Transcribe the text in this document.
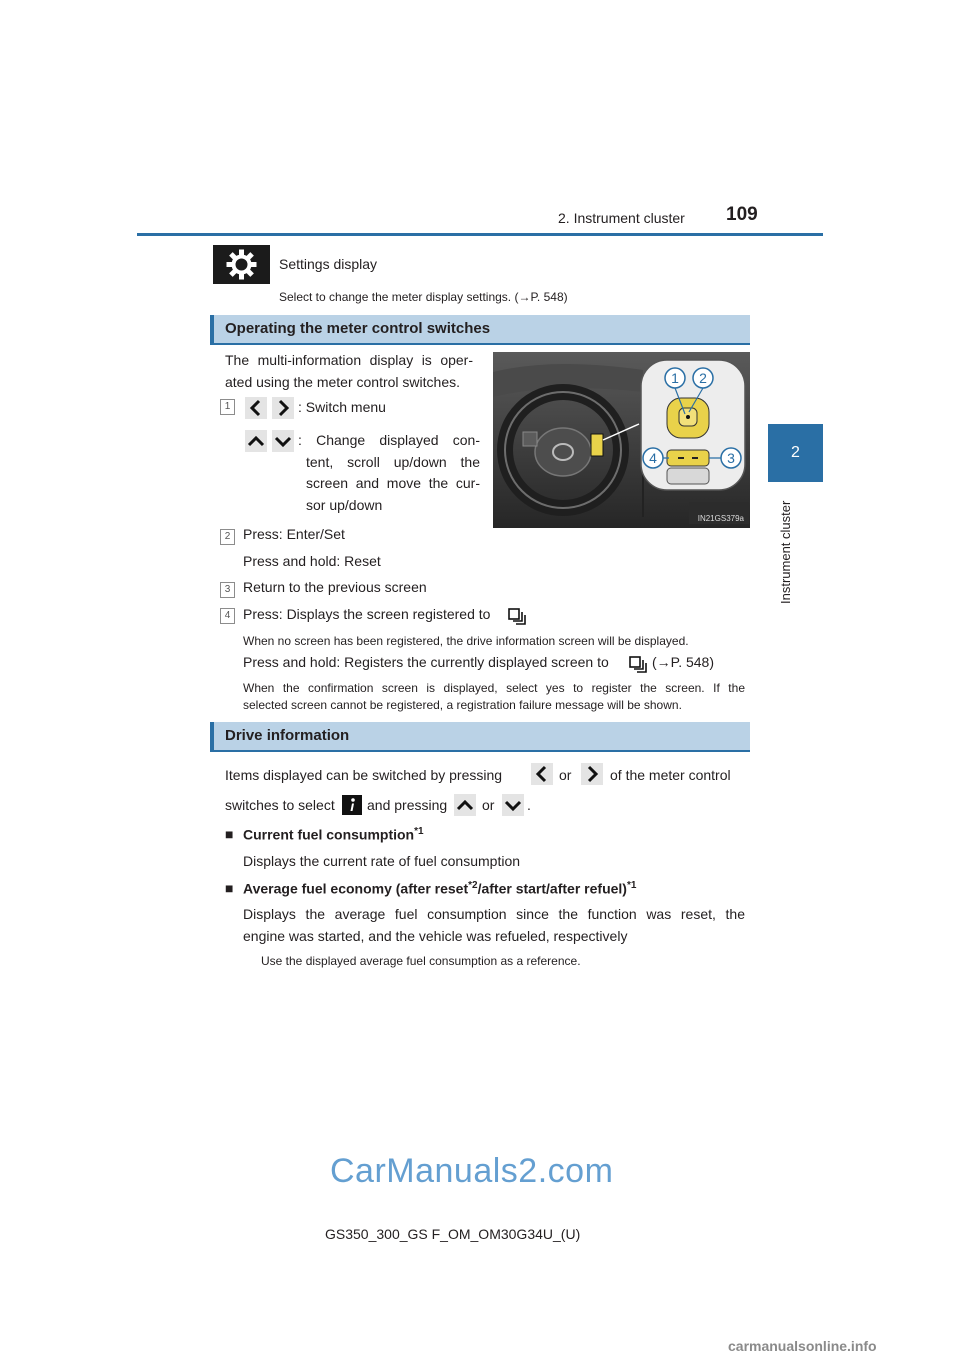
2. Instrument cluster 109
2
Instrument cluster
Settings display
Select to change the meter display settings. (→P. 548)
Operating the meter control switches
The multi-information display is oper-
ated using the meter control switches.
1	: Switch menu
: Change displayed con-
tent, scroll up/down the
screen and move the cur-
sor up/down
2 Press: Enter/Set
Press and hold: Reset
3 Return to the previous screen
4 Press: Displays the screen registered to
When no screen has been registered, the drive information screen will be displayed.
Press and hold: Registers the currently displayed screen to	(→P. 548)
When the confirmation screen is displayed, select yes to register the screen. If the
selected screen cannot be registered, a registration failure message will be shown.
1 2
3
4
IN21GS379a
Drive information
Items displayed can be switched by pressing	or	of the meter control
switches to select and pressing or .
■ Current fuel consumption$^{*1}$
Displays the current rate of fuel consumption
■ Average fuel economy (after reset$^{*2}$/after start/after refuel)$^{*1}$
Displays the average fuel consumption since the function was reset, the
engine was started, and the vehicle was refueled, respectively
Use the displayed average fuel consumption as a reference.
CarManuals2.com
GS350_300_GS F_OM_OM30G34U_(U)
carmanualsonline.info
